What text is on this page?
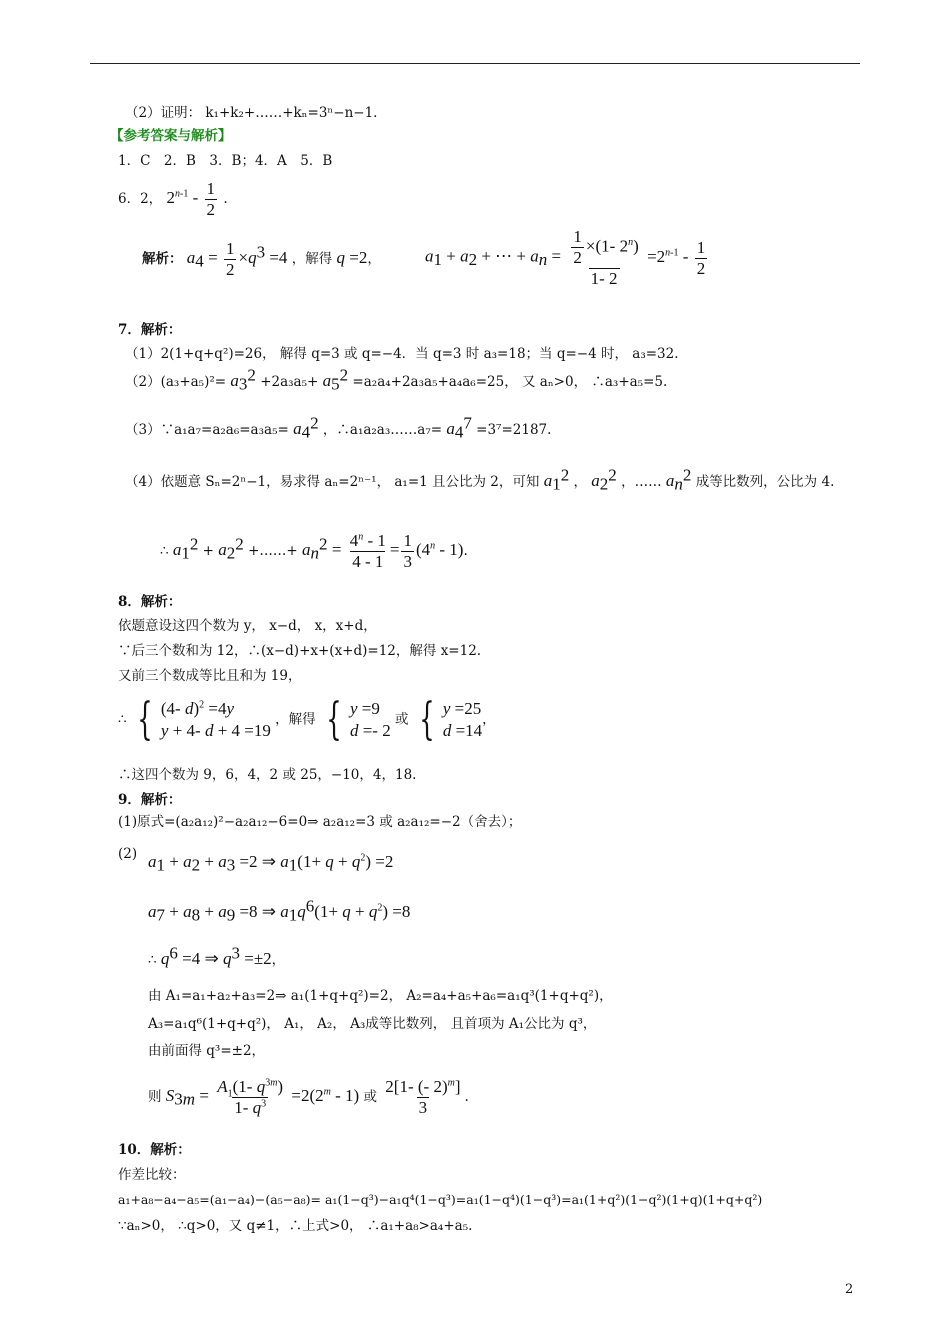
（2）证明： k₁+k₂+……+kₙ=3ⁿ−n−1.
【参考答案与解析】
1．C　2．B　3．B；4．A　5．B
6．2， $2^{n-1} - \frac{1}{2}$ .
解析： $a_4 = \frac{1}{2} \times q^3 =4$ ，解得 q =2，	$a_1 + a_2$ + ⋯ + $a_n = \frac{\frac{1}{2} \times(1- 2^n)}{1- 2} =2^{n-1} - \frac{1}{2}$
7．解析：
（1）2(1+q+q²)=26， 解得 q=3 或 q=−4．当 q=3 时 a₃=18；当 q=−4 时， a₃=32.
$(2)(a_3+a_5)^2= a_3^2 +2a_3a_5+ a_5^2 =a_2a_4+2a_3a_5+a_4a_6=25$， 又 aₙ>0， ∴a₃+a₅=5.
（3）∵a₁a₇=a₂a₆=a₃a₅= $a_4^2$ ，∴a₁a₂a₃……a₇= $a_4^7 =3^7=2187$.
（4）依题意 Sₙ=2ⁿ−1，易求得 aₙ=2ⁿ⁻¹， a₁=1 且公比为 2，可知 $a_1^2$ ， $a_2^2$ ，…… $a_n^2$ 成等比数列，公比为 4.
∴ $a_1^2 + a_2^2$ +……+ $a_n^2 = \frac{4^n - 1}{4 - 1} = \frac{1}{3} (4^n - 1)$.
8．解析：
依题意设这四个数为 y， x−d， x，x+d，
∵后三个数和为 12，∴(x−d)+x+(x+d)=12，解得 x=12.
又前三个数成等比且和为 19，
∴ { (4- d)$^2$ =4y
y + 4- d + 4 =19
，解得 { y =9
d =- 2
或 { y =25
d =14
，
∴这四个数为 9，6，4，2 或 25，−10，4，18.
9．解析：
(1)原式=(a₂a₁₂)²−a₂a₁₂−6=0⇒ a₂a₁₂=3 或 a₂a₁₂=−2（舍去）；
(2) $a_1 + a_2 + a_3 =2$ ⇒ $a_1(1+ q + q^2) =2$
$a_7 + a_8 + a_9 =8$ ⇒ $a_1q^6(1+ q + q^2) =8$
∴ $q^6 =4$ ⇒ $q^3 =\pm 2$，
由 A₁=a₁+a₂+a₃=2⇒ a₁(1+q+q²)=2， A₂=a₄+a₅+a₆=a₁q³(1+q+q²)，
A₃=a₁q⁶(1+q+q²)， A₁， A₂， A₃成等比数列， 且首项为 A₁公比为 q³，
由前面得 q³=±2，
则 $S_{3m} = \frac{A_1(1- q^{3m})}{1- q^3} =2(2^m - 1)$ 或 $\frac{2[1- (- 2)^m]}{3}$ .
10．解析：
作差比较：
a₁+a₈−a₄−a₅=(a₁−a₄)−(a₅−a₈)= a₁(1−q³)−a₁q⁴(1−q³)=a₁(1−q⁴)(1−q³)=a₁(1+q²)(1−q²)(1+q)(1+q+q²)
∵aₙ>0， ∴q>0，又 q≠1，∴上式>0， ∴a₁+a₈>a₄+a₅.
2
